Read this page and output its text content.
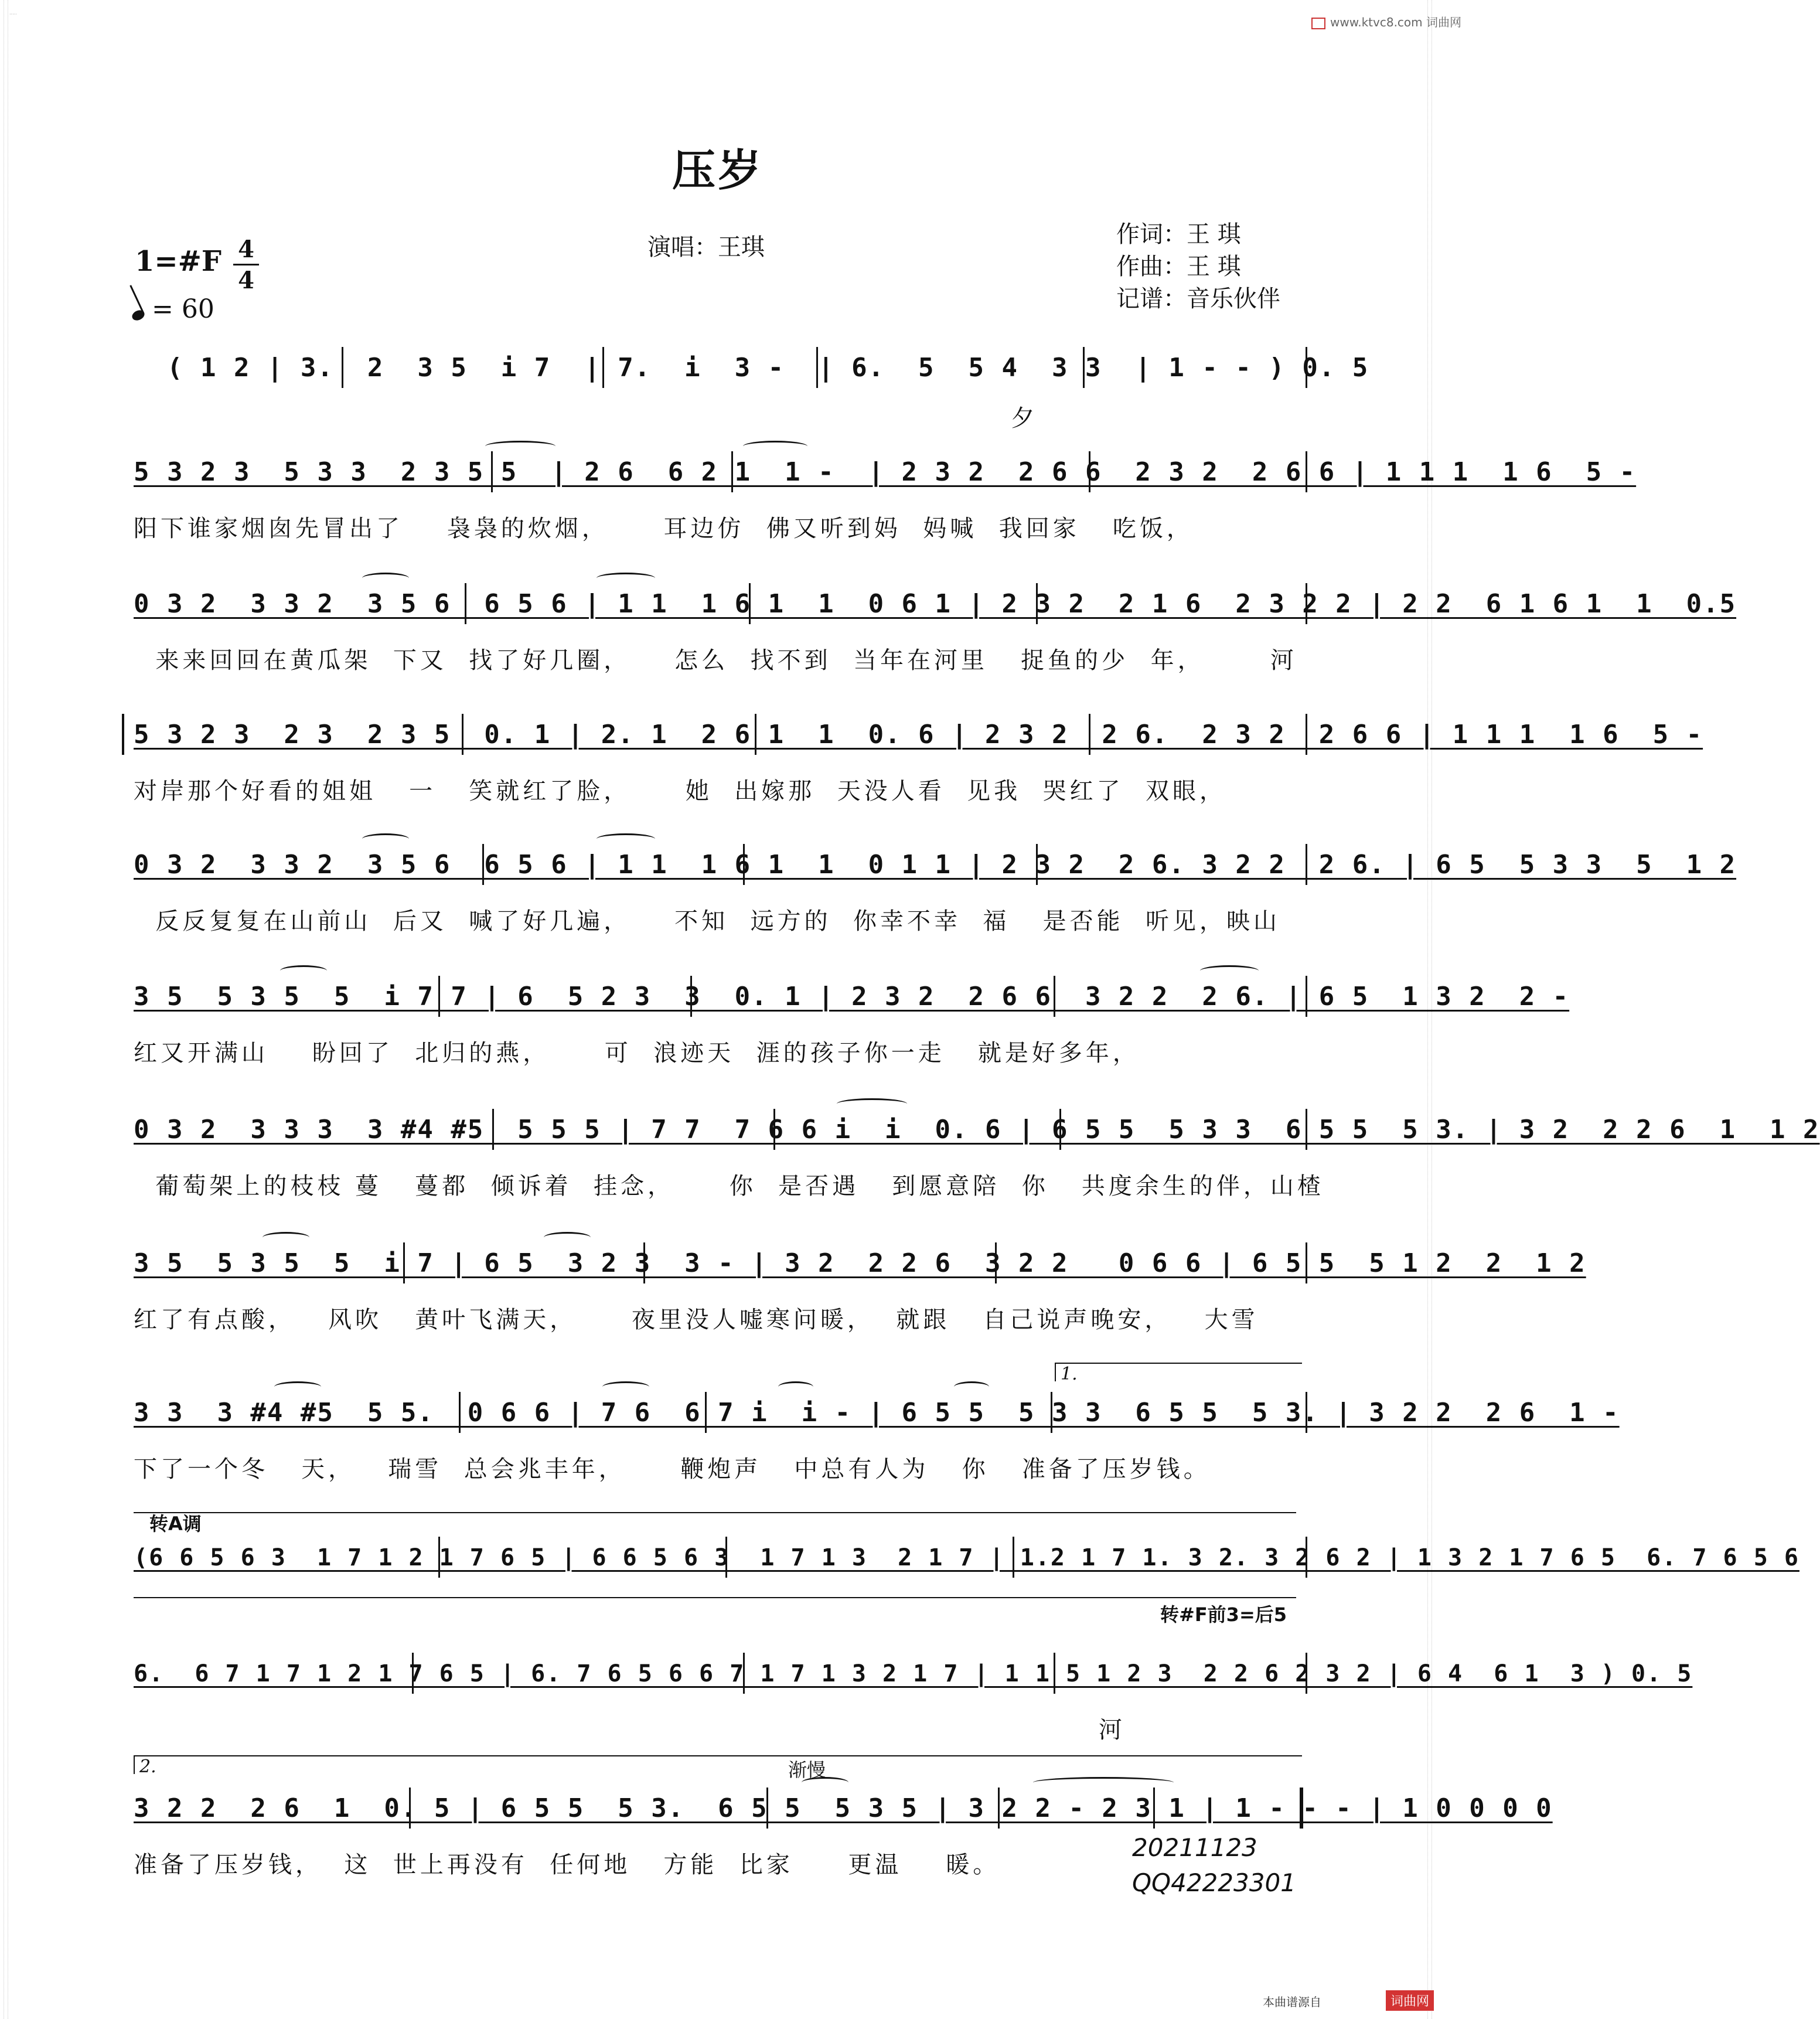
·····
www.ktvc8.com 词曲网
压岁
1=#F 4
4
= 60
演唱：王琪	作词：王 琪
作曲：王 琪
记谱：音乐伙伴
( 1 2 | 3.  2  3 5  i 7  | 7.  i  3 -  | 6.  5  5 4  3 3  | 1 - - ) 0. 5
夕
5 3 2 3  5 3 3  2 3 5 5  | 2 6  6 2 1  1 -  | 2 3 2  2 6 6  2 3 2  2 6 6 | 1 1 1  1 6  5 -
阳下谁家烟囱先冒出了    袅袅的炊烟，     耳边仿  佛又听到妈  妈喊  我回家   吃饭，
0 3 2  3 3 2  3 5 6  6 5 6 | 1 1  1 6 1  1  0 6 1 | 2 3 2  2 1 6  2 3 2 2 | 2 2  6 1 6 1  1  0.5
来来回回在黄瓜架  下又  找了好几圈，    怎么  找不到  当年在河里   捉鱼的少  年，      河
5 3 2 3  2 3  2 3 5  0. 1 | 2. 1  2 6 1  1  0. 6 | 2 3 2  2 6.  2 3 2  2 6 6 | 1 1 1  1 6  5 -
对岸那个好看的姐姐   一   笑就红了脸，     她  出嫁那  天没人看  见我  哭红了  双眼，
0 3 2  3 3 2  3 5 6  6 5 6 | 1 1  1 6 1  1  0 1 1 | 2 3 2  2 6. 3 2 2  2 6. | 6 5  5 3 3  5  1 2
反反复复在山前山  后又  喊了好几遍，    不知  远方的  你幸不幸  福   是否能  听见，映山
3 5  5 3 5  5  i 7 7 | 6  5 2 3  3  0. 1 | 2 3 2  2 6 6  3 2 2  2 6. | 6 5  1 3 2  2 -
红又开满山    盼回了  北归的燕，     可  浪迹天  涯的孩子你一走   就是好多年，
0 3 2  3 3 3  3 #4 #5  5 5 5 | 7 7  7 6 6 i  i  0. 6 | 6 5 5  5 3 3  6 5 5  5 3. | 3 2  2 2 6  1  1 2
葡萄架上的枝枝 蔓   蔓都  倾诉着  挂念，     你  是否遇   到愿意陪  你   共度余生的伴，山楂
3 5  5 3 5  5  i 7 | 6 5  3 2 3  3 - | 3 2  2 2 6  3 2 2   0 6 6 | 6 5 5  5 1 2  2  1 2
红了有点酸，   风吹   黄叶飞满天，     夜里没人嘘寒问暖，  就跟   自己说声晚安，   大雪
1.
3 3  3 #4 #5  5 5.  0 6 6 | 7 6  6 7 i  i - | 6 5 5  5 3 3  6 5 5  5 3. | 3 2 2  2 6  1 -
下了一个冬   天，   瑞雪  总会兆丰年，     鞭炮声   中总有人为   你   准备了压岁钱。
转A调
(6 6 5 6 3  1 7 1 2 1 7 6 5 | 6 6 5 6 3  1 7 1 3  2 1 7 | 1.2 1 7 1. 3 2. 3 2 6 2 | 1 3 2 1 7 6 5  6. 7 6 5 6
转#F前3=后5
6.  6 7 1 7 1 2 1 7 6 5 | 6. 7 6 5 6 6 7 1 7 1 3 2 1 7 | 1 1 5 1 2 3  2 2 6 2 3 2 | 6 4  6 1  3 ) 0. 5
河
2.	渐慢
3 2 2  2 6  1  0. 5 | 6 5 5  5 3.  6 5 5  5 3 5 | 3 2 2 - 2 3 1 | 1 - - - | 1 0 0 0 0
准备了压岁钱，  这  世上再没有  任何地   方能  比家     更温    暖。
20211123
QQ42223301
本曲谱源自	词曲网
